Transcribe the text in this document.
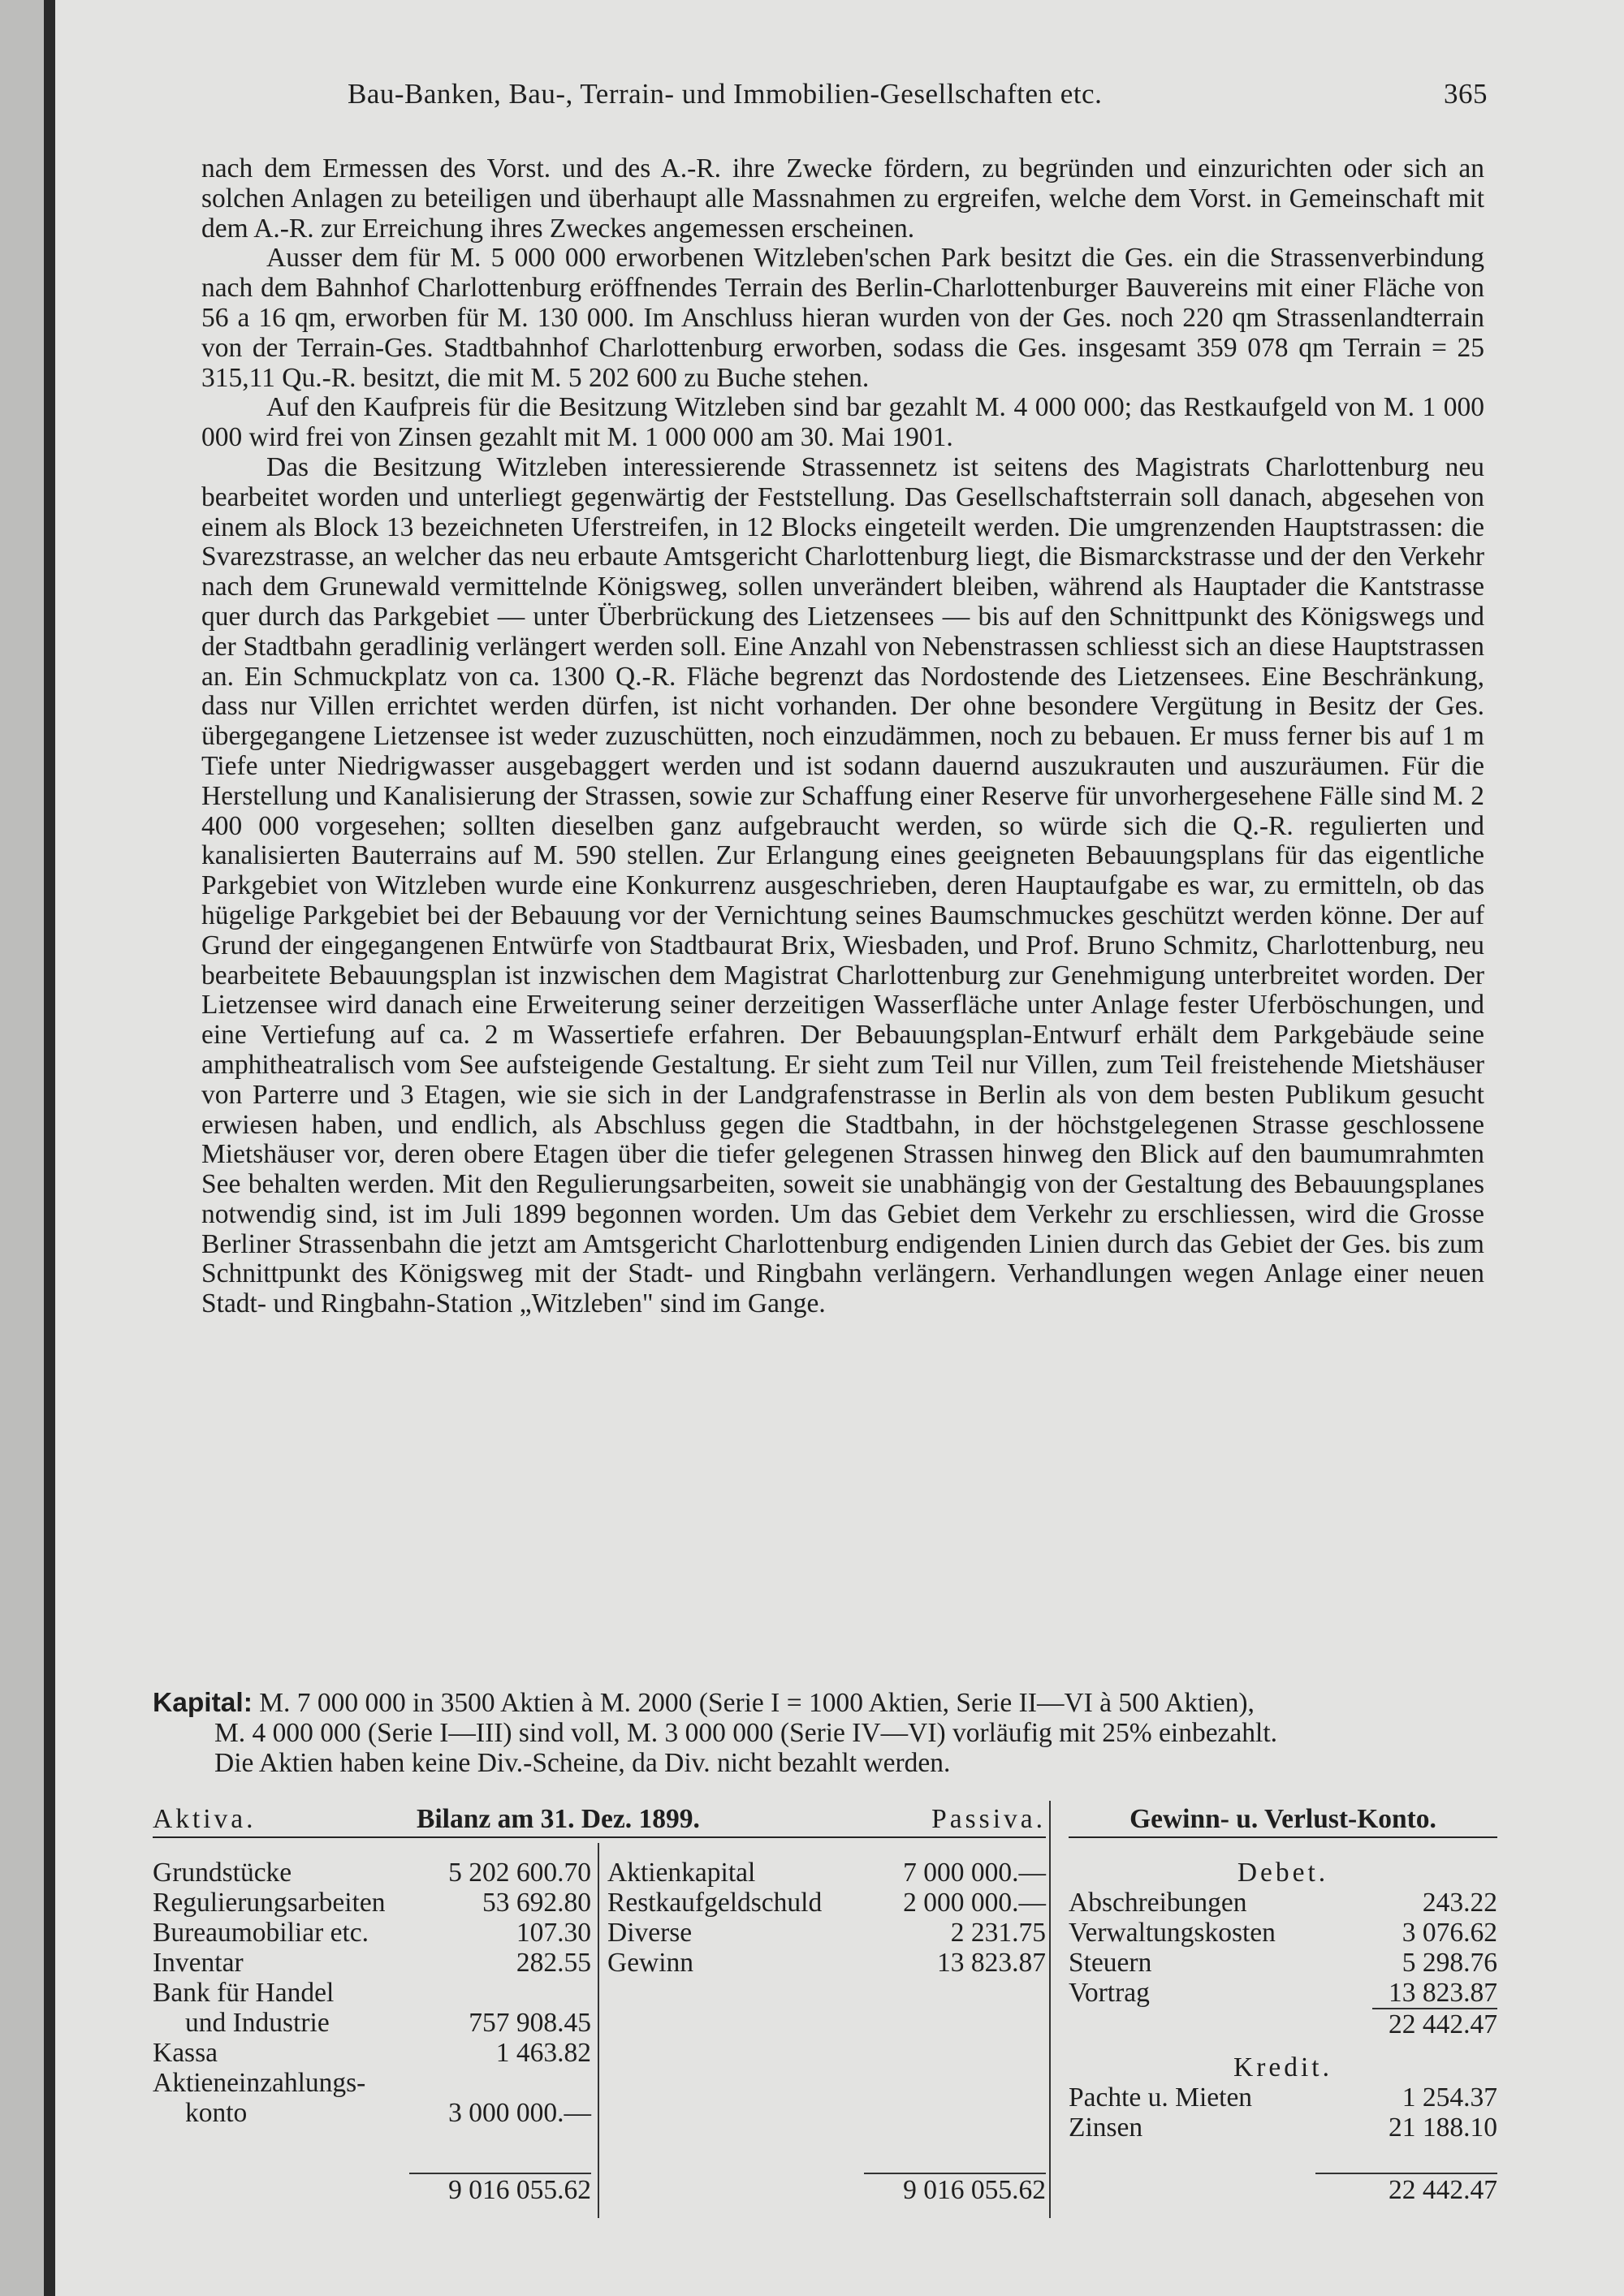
Bau-Banken, Bau-, Terrain- und Immobilien-Gesellschaften etc.	365

nach dem Ermessen des Vorst. und des A.-R. ihre Zwecke fördern, zu begründen und einzurichten oder sich an solchen Anlagen zu beteiligen und überhaupt alle Massnahmen zu ergreifen, welche dem Vorst. in Gemeinschaft mit dem A.-R. zur Erreichung ihres Zweckes angemessen erscheinen.

Ausser dem für M. 5 000 000 erworbenen Witzleben'schen Park besitzt die Ges. ein die Strassenverbindung nach dem Bahnhof Charlottenburg eröffnendes Terrain des Berlin-Charlottenburger Bauvereins mit einer Fläche von 56 a 16 qm, erworben für M. 130 000. Im Anschluss hieran wurden von der Ges. noch 220 qm Strassenlandterrain von der Terrain-Ges. Stadtbahnhof Charlottenburg erworben, sodass die Ges. insgesamt 359 078 qm Terrain = 25 315,11 Qu.-R. besitzt, die mit M. 5 202 600 zu Buche stehen.

Auf den Kaufpreis für die Besitzung Witzleben sind bar gezahlt M. 4 000 000; das Restkaufgeld von M. 1 000 000 wird frei von Zinsen gezahlt mit M. 1 000 000 am 30. Mai 1901.

Das die Besitzung Witzleben interessierende Strassennetz ist seitens des Magistrats Charlottenburg neu bearbeitet worden und unterliegt gegenwärtig der Feststellung. Das Gesellschaftsterrain soll danach, abgesehen von einem als Block 13 bezeichneten Uferstreifen, in 12 Blocks eingeteilt werden. Die umgrenzenden Hauptstrassen: die Svarezstrasse, an welcher das neu erbaute Amtsgericht Charlottenburg liegt, die Bismarckstrasse und der den Verkehr nach dem Grunewald vermittelnde Königsweg, sollen unverändert bleiben, während als Hauptader die Kantstrasse quer durch das Parkgebiet — unter Überbrückung des Lietzensees — bis auf den Schnittpunkt des Königswegs und der Stadtbahn geradlinig verlängert werden soll. Eine Anzahl von Nebenstrassen schliesst sich an diese Hauptstrassen an. Ein Schmuckplatz von ca. 1300 Q.-R. Fläche begrenzt das Nordostende des Lietzensees. Eine Beschränkung, dass nur Villen errichtet werden dürfen, ist nicht vorhanden. Der ohne besondere Vergütung in Besitz der Ges. übergegangene Lietzensee ist weder zuzuschütten, noch einzudämmen, noch zu bebauen. Er muss ferner bis auf 1 m Tiefe unter Niedrigwasser ausgebaggert werden und ist sodann dauernd auszukrauten und auszuräumen. Für die Herstellung und Kanalisierung der Strassen, sowie zur Schaffung einer Reserve für unvorhergesehene Fälle sind M. 2 400 000 vorgesehen; sollten dieselben ganz aufgebraucht werden, so würde sich die Q.-R. regulierten und kanalisierten Bauterrains auf M. 590 stellen. Zur Erlangung eines geeigneten Bebauungsplans für das eigentliche Parkgebiet von Witzleben wurde eine Konkurrenz ausgeschrieben, deren Hauptaufgabe es war, zu ermitteln, ob das hügelige Parkgebiet bei der Bebauung vor der Vernichtung seines Baumschmuckes geschützt werden könne. Der auf Grund der eingegangenen Entwürfe von Stadtbaurat Brix, Wiesbaden, und Prof. Bruno Schmitz, Charlottenburg, neu bearbeitete Bebauungsplan ist inzwischen dem Magistrat Charlottenburg zur Genehmigung unterbreitet worden. Der Lietzensee wird danach eine Erweiterung seiner derzeitigen Wasserfläche unter Anlage fester Uferböschungen, und eine Vertiefung auf ca. 2 m Wassertiefe erfahren. Der Bebauungsplan-Entwurf erhält dem Parkgebäude seine amphitheatralisch vom See aufsteigende Gestaltung. Er sieht zum Teil nur Villen, zum Teil freistehende Mietshäuser von Parterre und 3 Etagen, wie sie sich in der Landgrafenstrasse in Berlin als von dem besten Publikum gesucht erwiesen haben, und endlich, als Abschluss gegen die Stadtbahn, in der höchstgelegenen Strasse geschlossene Mietshäuser vor, deren obere Etagen über die tiefer gelegenen Strassen hinweg den Blick auf den baumumrahmten See behalten werden. Mit den Regulierungsarbeiten, soweit sie unabhängig von der Gestaltung des Bebauungsplanes notwendig sind, ist im Juli 1899 begonnen worden. Um das Gebiet dem Verkehr zu erschliessen, wird die Grosse Berliner Strassenbahn die jetzt am Amtsgericht Charlottenburg endigenden Linien durch das Gebiet der Ges. bis zum Schnittpunkt des Königsweg mit der Stadt- und Ringbahn verlängern. Verhandlungen wegen Anlage einer neuen Stadt- und Ringbahn-Station „Witzleben" sind im Gange.

Kapital: M. 7 000 000 in 3500 Aktien à M. 2000 (Serie I = 1000 Aktien, Serie II—VI à 500 Aktien),
M. 4 000 000 (Serie I—III) sind voll, M. 3 000 000 (Serie IV—VI) vorläufig mit 25% einbezahlt.
Die Aktien haben keine Div.-Scheine, da Div. nicht bezahlt werden.
Aktiva.	Bilanz am 31. Dez. 1899.	Passiva.	Gewinn- u. Verlust-Konto.
Grundstücke	5 202 600.70
Regulierungsarbeiten	53 692.80
Bureaumobiliar etc.	107.30
Inventar	282.55
Bank für Handel
und Industrie	757 908.45
Kassa	1 463.82
Aktieneinzahlungs-
konto	3 000 000.—
9 016 055.62
Aktienkapital	7 000 000.—
Restkaufgeldschuld	2 000 000.—
Diverse	2 231.75
Gewinn	13 823.87
9 016 055.62
Debet.
Abschreibungen	243.22
Verwaltungskosten	3 076.62
Steuern	5 298.76
Vortrag	13 823.87
22 442.47
Kredit.
Pachte u. Mieten	1 254.37
Zinsen	21 188.10
22 442.47
